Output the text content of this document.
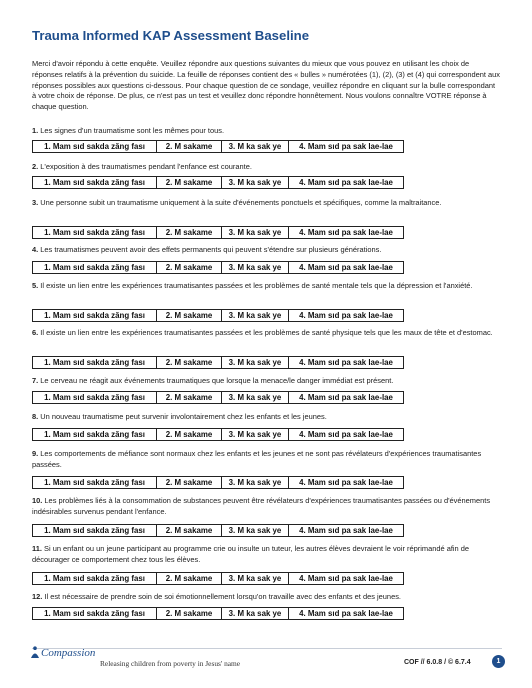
Trauma Informed KAP Assessment Baseline
Merci d'avoir répondu à cette enquête. Veuillez répondre aux questions suivantes du mieux que vous pouvez en utilisant les choix de réponses relatifs à la prévention du suicide. La feuille de réponses contient des « bulles » numérotées (1), (2), (3) et (4) qui correspondent aux réponses possibles aux questions ci-dessous. Pour chaque question de ce sondage, veuillez répondre en cliquant sur la bulle correspondant à votre choix de réponse. De plus, ce n'est pas un test et veuillez donc répondre honnêtement. Nous voulons connaître VOTRE réponse à chaque question.
1. Les signes d'un traumatisme sont les mêmes pour tous.
1. Mam sıd sakda zăng fası	2. M sakame	3. M ka sak ye	4. Mam sıd pa sak lae-lae
2. L'exposition à des traumatismes pendant l'enfance est courante.
1. Mam sıd sakda zăng fası	2. M sakame	3. M ka sak ye	4. Mam sıd pa sak lae-lae
3. Une personne subit un traumatisme uniquement à la suite d'événements ponctuels et spécifiques, comme la maltraitance.
1. Mam sıd sakda zăng fası	2. M sakame	3. M ka sak ye	4. Mam sıd pa sak lae-lae
4. Les traumatismes peuvent avoir des effets permanents qui peuvent s'étendre sur plusieurs générations.
1. Mam sıd sakda zăng fası	2. M sakame	3. M ka sak ye	4. Mam sıd pa sak lae-lae
5. Il existe un lien entre les expériences traumatisantes passées et les problèmes de santé mentale tels que la dépression et l'anxiété.
1. Mam sıd sakda zăng fası	2. M sakame	3. M ka sak ye	4. Mam sıd pa sak lae-lae
6. Il existe un lien entre les expériences traumatisantes passées et les problèmes de santé physique tels que les maux de tête et d'estomac.
1. Mam sıd sakda zăng fası	2. M sakame	3. M ka sak ye	4. Mam sıd pa sak lae-lae
7. Le cerveau ne réagit aux événements traumatiques que lorsque la menace/le danger immédiat est présent.
1. Mam sıd sakda zăng fası	2. M sakame	3. M ka sak ye	4. Mam sıd pa sak lae-lae
8. Un nouveau traumatisme peut survenir involontairement chez les enfants et les jeunes.
1. Mam sıd sakda zăng fası	2. M sakame	3. M ka sak ye	4. Mam sıd pa sak lae-lae
9. Les comportements de méfiance sont normaux chez les enfants et les jeunes et ne sont pas révélateurs d'expériences traumatisantes passées.
1. Mam sıd sakda zăng fası	2. M sakame	3. M ka sak ye	4. Mam sıd pa sak lae-lae
10. Les problèmes liés à la consommation de substances peuvent être révélateurs d'expériences traumatisantes passées ou d'événements indésirables survenus pendant l'enfance.
1. Mam sıd sakda zăng fası	2. M sakame	3. M ka sak ye	4. Mam sıd pa sak lae-lae
11. Si un enfant ou un jeune participant au programme crie ou insulte un tuteur, les autres élèves devraient le voir réprimandé afin de décourager ce comportement chez tous les élèves.
1. Mam sıd sakda zăng fası	2. M sakame	3. M ka sak ye	4. Mam sıd pa sak lae-lae
12. Il est nécessaire de prendre soin de soi émotionnellement lorsqu'on travaille avec des enfants et des jeunes.
1. Mam sıd sakda zăng fası	2. M sakame	3. M ka sak ye	4. Mam sıd pa sak lae-lae
Compassion
Releasing children from poverty in Jesus' name	COF // 6.0.8 / © 6.7.4	1
